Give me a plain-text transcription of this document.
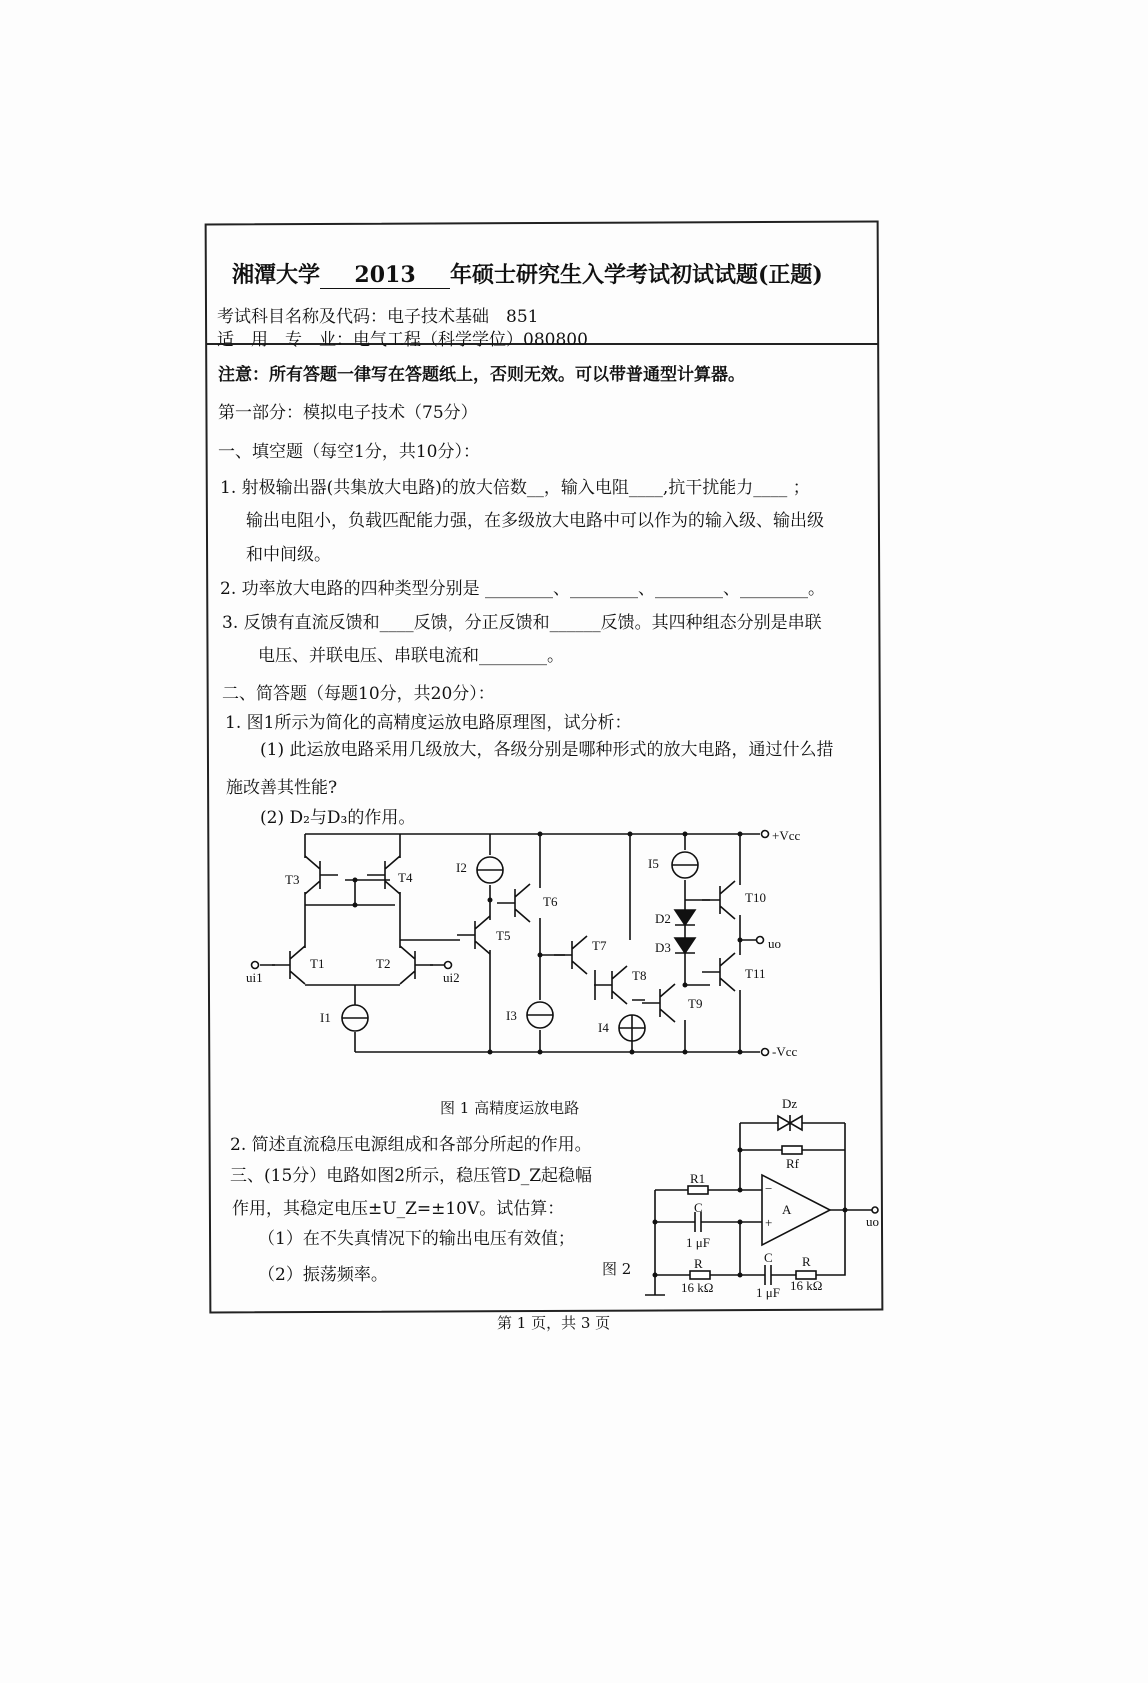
湘潭大学 2013 年硕士研究生入学考试初试试题(正题)
考试科目名称及代码：电子技术基础  851
适　用　专　业：电气工程（科学学位）080800
注意：所有答题一律写在答题纸上，否则无效。可以带普通型计算器。
第一部分：模拟电子技术（75分）
一、填空题（每空1分，共10分）：
1. 射极输出器(共集放大电路)的放大倍数__，输入电阻____,抗干扰能力____ ；
输出电阻小，负载匹配能力强，在多级放大电路中可以作为的输入级、输出级
和中间级。
2. 功率放大电路的四种类型分别是 ________、________、________、________。
3. 反馈有直流反馈和____反馈，分正反馈和______反馈。其四种组态分别是串联
电压、并联电压、串联电流和________。
二、简答题（每题10分，共20分）：
1. 图1所示为简化的高精度运放电路原理图，试分析：
(1) 此运放电路采用几级放大，各级分别是哪种形式的放大电路，通过什么措
施改善其性能?
(2) D₂与D₃的作用。
图 1 高精度运放电路
2. 简述直流稳压电源组成和各部分所起的作用。
三、(15分）电路如图2所示，稳压管D_Z起稳幅
作用，其稳定电压±U_Z=±10V。试估算：
（1）在不失真情况下的输出电压有效值；
（2）振荡频率。	图 2
第 1 页，共 3 页
+Vcc
-Vcc
uo
ui1	ui2
T1	T2
T3	T4
T5
T6
T7
T8
T9
T10
T11
I2
I1	I3
I4
I5
D2
D3
Dz
Rf
R1
A
−
+
C
1 μF
R
16 kΩ
C
1 μF
R
16 kΩ
uo
